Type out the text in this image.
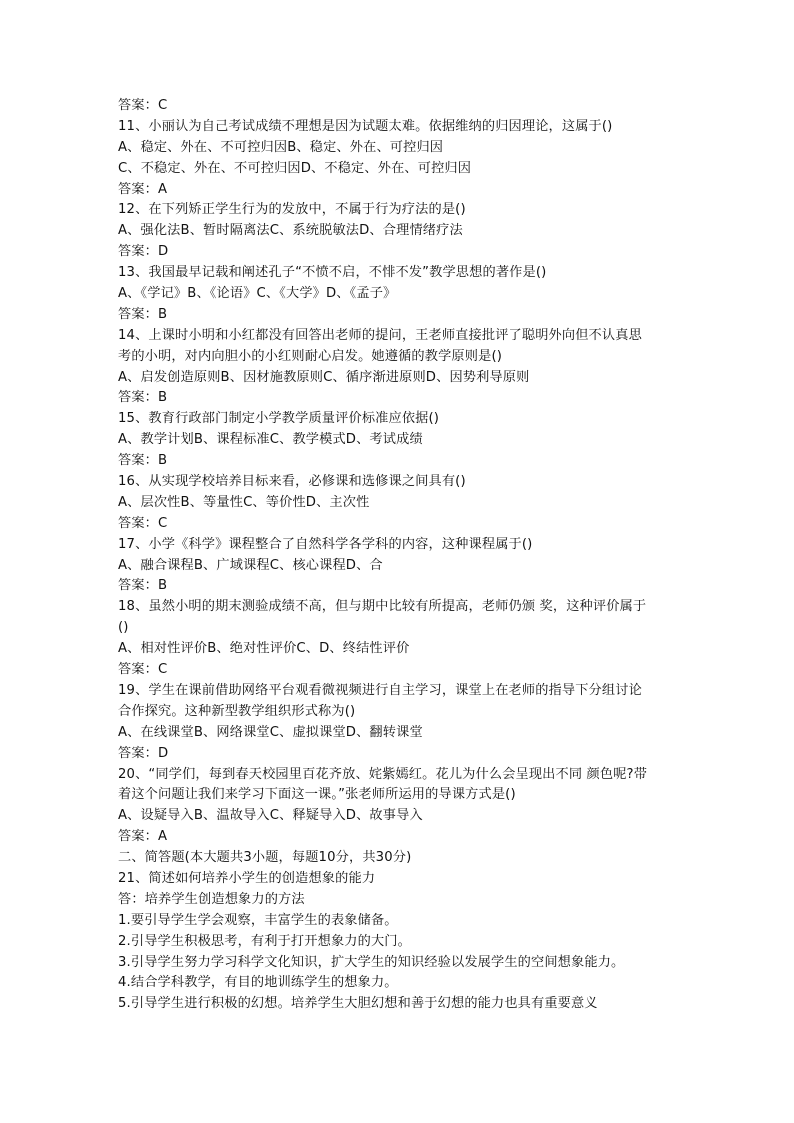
答案：C
11、小丽认为自己考试成绩不理想是因为试题太难。依据维纳的归因理论，这属于()
A、稳定、外在、不可控归因B、稳定、外在、可控归因
C、不稳定、外在、不可控归因D、不稳定、外在、可控归因
答案：A
12、在下列矫正学生行为的发放中，不属于行为疗法的是()
A、强化法B、暂时隔离法C、系统脱敏法D、合理情绪疗法
答案：D
13、我国最早记载和阐述孔子“不愤不启，不悱不发”教学思想的著作是()
A、《学记》B、《论语》C、《大学》D、《孟子》
答案：B
14、上课时小明和小红都没有回答出老师的提问，王老师直接批评了聪明外向但不认真思
考的小明，对内向胆小的小红则耐心启发。她遵循的教学原则是()
A、启发创造原则B、因材施教原则C、循序渐进原则D、因势利导原则
答案：B
15、教育行政部门制定小学教学质量评价标准应依据()
A、教学计划B、课程标准C、教学模式D、考试成绩
答案：B
16、从实现学校培养目标来看，必修课和选修课之间具有()
A、层次性B、等量性C、等价性D、主次性
答案：C
17、小学《科学》课程整合了自然科学各学科的内容，这种课程属于()
A、融合课程B、广域课程C、核心课程D、合
答案：B
18、虽然小明的期末测验成绩不高，但与期中比较有所提高，老师仍颁 奖，这种评价属于
()
A、相对性评价B、绝对性评价C、D、终结性评价
答案：C
19、学生在课前借助网络平台观看微视频进行自主学习，课堂上在老师的指导下分组讨论
合作探究。这种新型教学组织形式称为()
A、在线课堂B、网络课堂C、虚拟课堂D、翻转课堂
答案：D
20、“同学们，每到春天校园里百花齐放、姹紫嫣红。花儿为什么会呈现出不同 颜色呢?带
着这个问题让我们来学习下面这一课。”张老师所运用的导课方式是()
A、设疑导入B、温故导入C、释疑导入D、故事导入
答案：A
二、简答题(本大题共3小题，每题10分，共30分)
21、简述如何培养小学生的创造想象的能力
答：培养学生创造想象力的方法
1.要引导学生学会观察，丰富学生的表象储备。
2.引导学生积极思考，有利于打开想象力的大门。
3.引导学生努力学习科学文化知识，扩大学生的知识经验以发展学生的空间想象能力。
4.结合学科教学，有目的地训练学生的想象力。
5.引导学生进行积极的幻想。培养学生大胆幻想和善于幻想的能力也具有重要意义
